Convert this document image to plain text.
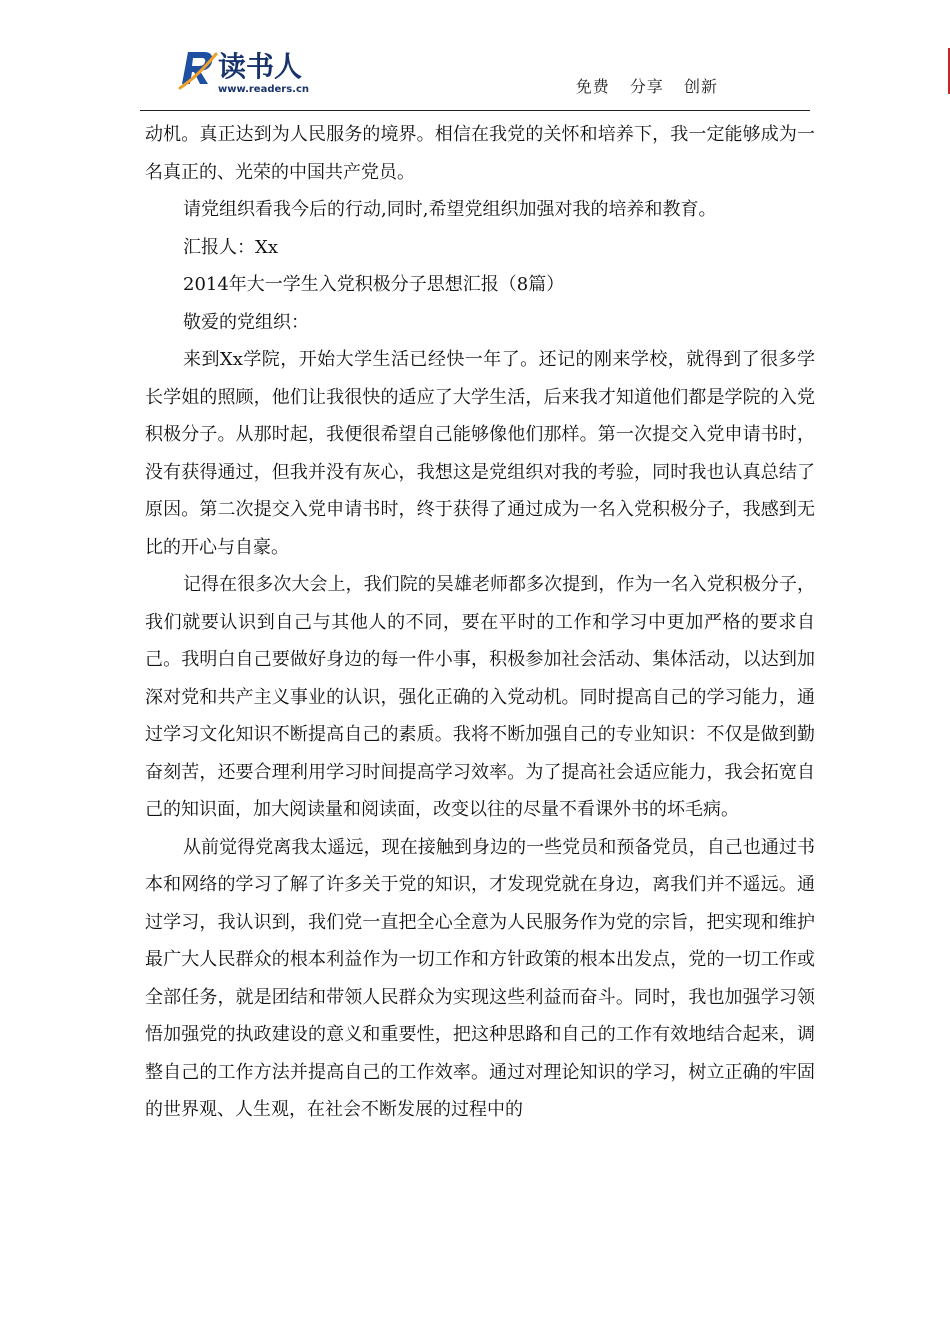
读书人
www.readers.cn	免费 分享 创新

动机。真正达到为人民服务的境界。相信在我党的关怀和培养下，我一定能够成为一名真正的、光荣的中国共产党员。

请党组织看我今后的行动,同时,希望党组织加强对我的培养和教育。

汇报人：Xx

2014年大一学生入党积极分子思想汇报（8篇）

敬爱的党组织：

来到Xx学院，开始大学生活已经快一年了。还记的刚来学校，就得到了很多学长学姐的照顾，他们让我很快的适应了大学生活，后来我才知道他们都是学院的入党积极分子。从那时起，我便很希望自己能够像他们那样。第一次提交入党申请书时，没有获得通过，但我并没有灰心，我想这是党组织对我的考验，同时我也认真总结了原因。第二次提交入党申请书时，终于获得了通过成为一名入党积极分子，我感到无比的开心与自豪。

记得在很多次大会上，我们院的吴雄老师都多次提到，作为一名入党积极分子，我们就要认识到自己与其他人的不同，要在平时的工作和学习中更加严格的要求自己。我明白自己要做好身边的每一件小事，积极参加社会活动、集体活动，以达到加深对党和共产主义事业的认识，强化正确的入党动机。同时提高自己的学习能力，通过学习文化知识不断提高自己的素质。我将不断加强自己的专业知识：不仅是做到勤奋刻苦，还要合理利用学习时间提高学习效率。为了提高社会适应能力，我会拓宽自己的知识面，加大阅读量和阅读面，改变以往的尽量不看课外书的坏毛病。

从前觉得党离我太遥远，现在接触到身边的一些党员和预备党员，自己也通过书本和网络的学习了解了许多关于党的知识，才发现党就在身边，离我们并不遥远。通过学习，我认识到，我们党一直把全心全意为人民服务作为党的宗旨，把实现和维护最广大人民群众的根本利益作为一切工作和方针政策的根本出发点，党的一切工作或全部任务，就是团结和带领人民群众为实现这些利益而奋斗。同时，我也加强学习领悟加强党的执政建设的意义和重要性，把这种思路和自己的工作有效地结合起来，调整自己的工作方法并提高自己的工作效率。通过对理论知识的学习，树立正确的牢固的世界观、人生观，在社会不断发展的过程中的
